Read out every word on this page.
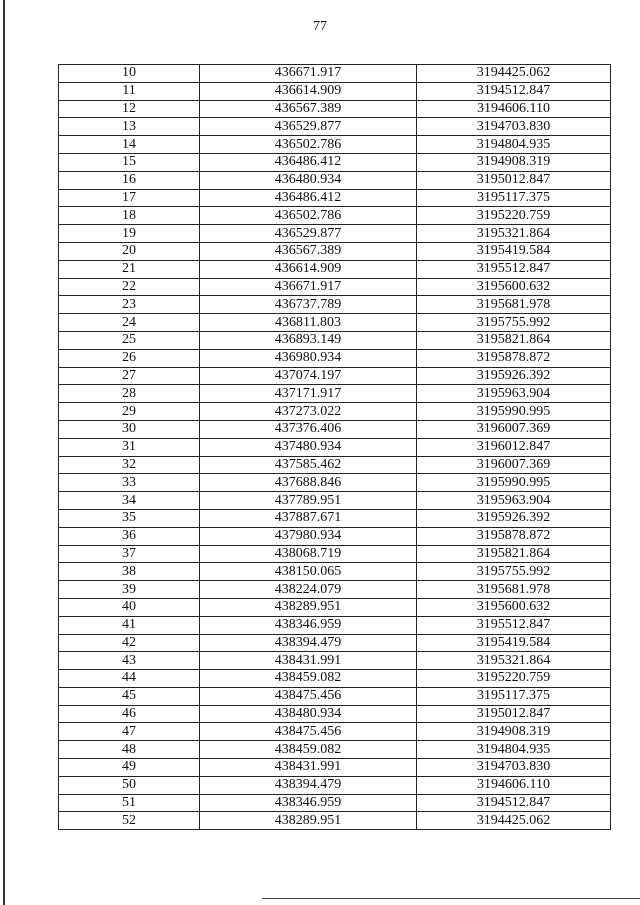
77
10	436671.917	3194425.062
11	436614.909	3194512.847
12	436567.389	3194606.110
13	436529.877	3194703.830
14	436502.786	3194804.935
15	436486.412	3194908.319
16	436480.934	3195012.847
17	436486.412	3195117.375
18	436502.786	3195220.759
19	436529.877	3195321.864
20	436567.389	3195419.584
21	436614.909	3195512.847
22	436671.917	3195600.632
23	436737.789	3195681.978
24	436811.803	3195755.992
25	436893.149	3195821.864
26	436980.934	3195878.872
27	437074.197	3195926.392
28	437171.917	3195963.904
29	437273.022	3195990.995
30	437376.406	3196007.369
31	437480.934	3196012.847
32	437585.462	3196007.369
33	437688.846	3195990.995
34	437789.951	3195963.904
35	437887.671	3195926.392
36	437980.934	3195878.872
37	438068.719	3195821.864
38	438150.065	3195755.992
39	438224.079	3195681.978
40	438289.951	3195600.632
41	438346.959	3195512.847
42	438394.479	3195419.584
43	438431.991	3195321.864
44	438459.082	3195220.759
45	438475.456	3195117.375
46	438480.934	3195012.847
47	438475.456	3194908.319
48	438459.082	3194804.935
49	438431.991	3194703.830
50	438394.479	3194606.110
51	438346.959	3194512.847
52	438289.951	3194425.062
